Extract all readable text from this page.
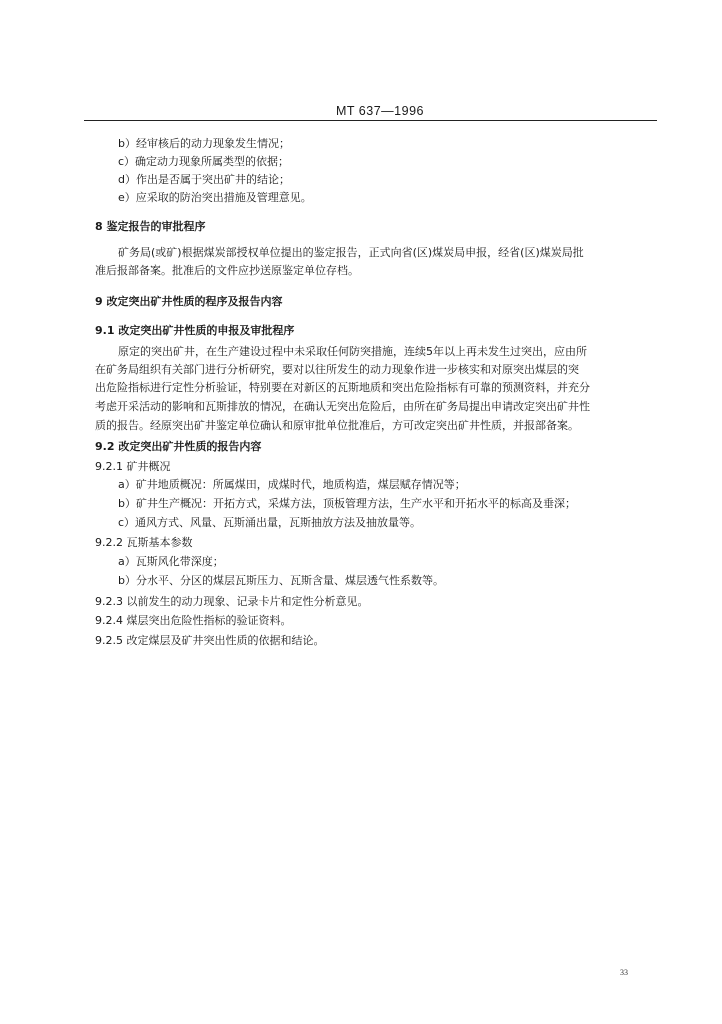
MT 637—1996
b）经审核后的动力现象发生情况；
c）确定动力现象所属类型的依据；
d）作出是否属于突出矿井的结论；
e）应采取的防治突出措施及管理意见。
8 鉴定报告的审批程序
矿务局(或矿)根据煤炭部授权单位提出的鉴定报告，正式向省(区)煤炭局申报，经省(区)煤炭局批
准后报部备案。批准后的文件应抄送原鉴定单位存档。
9 改定突出矿井性质的程序及报告内容
9.1 改定突出矿井性质的申报及审批程序
原定的突出矿井，在生产建设过程中未采取任何防突措施，连续5年以上再未发生过突出，应由所
在矿务局组织有关部门进行分析研究，要对以往所发生的动力现象作进一步核实和对原突出煤层的突
出危险指标进行定性分析验证，特别要在对新区的瓦斯地质和突出危险指标有可靠的预测资料，并充分
考虑开采活动的影响和瓦斯排放的情况，在确认无突出危险后，由所在矿务局提出申请改定突出矿井性
质的报告。经原突出矿井鉴定单位确认和原审批单位批准后，方可改定突出矿井性质，并报部备案。
9.2 改定突出矿井性质的报告内容
9.2.1 矿井概况
a）矿井地质概况：所属煤田，成煤时代，地质构造，煤层赋存情况等；
b）矿井生产概况：开拓方式，采煤方法，顶板管理方法，生产水平和开拓水平的标高及垂深；
c）通风方式、风量、瓦斯涌出量，瓦斯抽放方法及抽放量等。
9.2.2 瓦斯基本参数
a）瓦斯风化带深度；
b）分水平、分区的煤层瓦斯压力、瓦斯含量、煤层透气性系数等。
9.2.3 以前发生的动力现象、记录卡片和定性分析意见。
9.2.4 煤层突出危险性指标的验证资料。
9.2.5 改定煤层及矿井突出性质的依据和结论。
33
